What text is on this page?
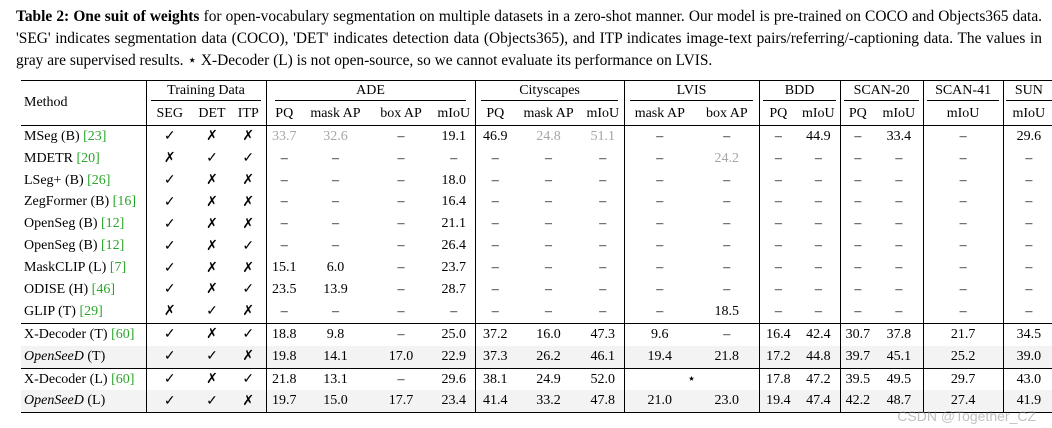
Table 2: One suit of weights for open-vocabulary segmentation on multiple datasets in a zero-shot manner. Our model is pre-trained on COCO and Objects365 data. 'SEG' indicates segmentation data (COCO), 'DET' indicates detection data (Objects365), and ITP indicates image-text pairs/referring/-captioning data. The values in gray are supervised results. ⋆ X-Decoder (L) is not open-source, so we cannot evaluate its performance on LVIS.
Method	Training Data			ADE				Cityscapes			LVIS		BDD		SCAN-20		SCAN-41	SUN
	SEG	DET	ITP	PQ	mask AP	box AP	mIoU	PQ	mask AP	mIoU	mask AP	box AP	PQ	mIoU	PQ	mIoU	mIoU	mIoU
MSeg (B) [23]	✓	✗	✗	33.7	32.6	–	19.1	46.9	24.8	51.1	–	–	–	44.9	–	33.4	–	29.6
MDETR [20]	✗	✓	✓	–	–	–	–	–	–	–	–	24.2	–	–	–	–	–	–
LSeg+ (B) [26]	✓	✗	✗	–	–	–	18.0	–	–	–	–	–	–	–	–	–	–	–
ZegFormer (B) [16]	✓	✗	✗	–	–	–	16.4	–	–	–	–	–	–	–	–	–	–	–
OpenSeg (B) [12]	✓	✗	✗	–	–	–	21.1	–	–	–	–	–	–	–	–	–	–	–
OpenSeg (B) [12]	✓	✗	✓	–	–	–	26.4	–	–	–	–	–	–	–	–	–	–	–
MaskCLIP (L) [7]	✓	✗	✗	15.1	6.0	–	23.7	–	–	–	–	–	–	–	–	–	–	–
ODISE (H) [46]	✓	✗	✓	23.5	13.9	–	28.7	–	–	–	–	–	–	–	–	–	–	–
GLIP (T) [29]	✗	✓	✗	–	–	–	–	–	–	–	–	18.5	–	–	–	–	–	–
X-Decoder (T) [60]	✓	✗	✓	18.8	9.8	–	25.0	37.2	16.0	47.3	9.6	–	16.4	42.4	30.7	37.8	21.7	34.5
OpenSeeD (T)	✓	✓	✗	19.8	14.1	17.0	22.9	37.3	26.2	46.1	19.4	21.8	17.2	44.8	39.7	45.1	25.2	39.0
X-Decoder (L) [60]	✓	✗	✓	21.8	13.1	–	29.6	38.1	24.9	52.0	⋆		17.8	47.2	39.5	49.5	29.7	43.0
OpenSeeD (L)	✓	✓	✗	19.7	15.0	17.7	23.4	41.4	33.2	47.8	21.0	23.0	19.4	47.4	42.2	48.7	27.4	41.9
CSDN @Together_CZ
